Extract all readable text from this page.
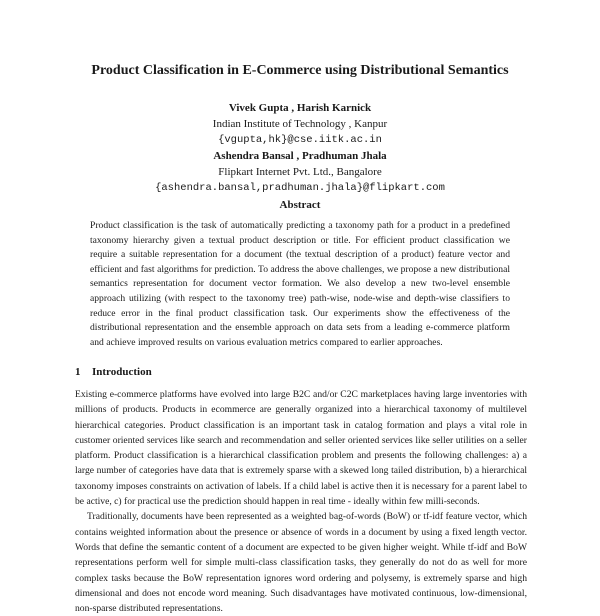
Product Classification in E-Commerce using Distributional Semantics
Vivek Gupta , Harish Karnick
Indian Institute of Technology , Kanpur
{vgupta,hk}@cse.iitk.ac.in
Ashendra Bansal , Pradhuman Jhala
Flipkart Internet Pvt. Ltd., Bangalore
{ashendra.bansal,pradhuman.jhala}@flipkart.com
Abstract

Product classification is the task of automatically predicting a taxonomy path for a product in a predefined taxonomy hierarchy given a textual product description or title. For efficient product classification we require a suitable representation for a document (the textual description of a product) feature vector and efficient and fast algorithms for prediction. To address the above challenges, we propose a new distributional semantics representation for document vector formation. We also develop a new two-level ensemble approach utilizing (with respect to the taxonomy tree) path-wise, node-wise and depth-wise classifiers to reduce error in the final product classification task. Our experiments show the effectiveness of the distributional representation and the ensemble approach on data sets from a leading e-commerce platform and achieve improved results on various evaluation metrics compared to earlier approaches.

1 Introduction

Existing e-commerce platforms have evolved into large B2C and/or C2C marketplaces having large inventories with millions of products. Products in ecommerce are generally organized into a hierarchical taxonomy of multilevel hierarchical categories. Product classification is an important task in catalog formation and plays a vital role in customer oriented services like search and recommendation and seller oriented services like seller utilities on a seller platform. Product classification is a hierarchical classification problem and presents the following challenges: a) a large number of categories have data that is extremely sparse with a skewed long tailed distribution, b) a hierarchical taxonomy imposes constraints on activation of labels. If a child label is active then it is necessary for a parent label to be active, c) for practical use the prediction should happen in real time - ideally within few milli-seconds.

Traditionally, documents have been represented as a weighted bag-of-words (BoW) or tf-idf feature vector, which contains weighted information about the presence or absence of words in a document by using a fixed length vector. Words that define the semantic content of a document are expected to be given higher weight. While tf-idf and BoW representations perform well for simple multi-class classification tasks, they generally do not do as well for more complex tasks because the BoW representation ignores word ordering and polysemy, is extremely sparse and high dimensional and does not encode word meaning. Such disadvantages have motivated continuous, low-dimensional, non-sparse distributed representations.
